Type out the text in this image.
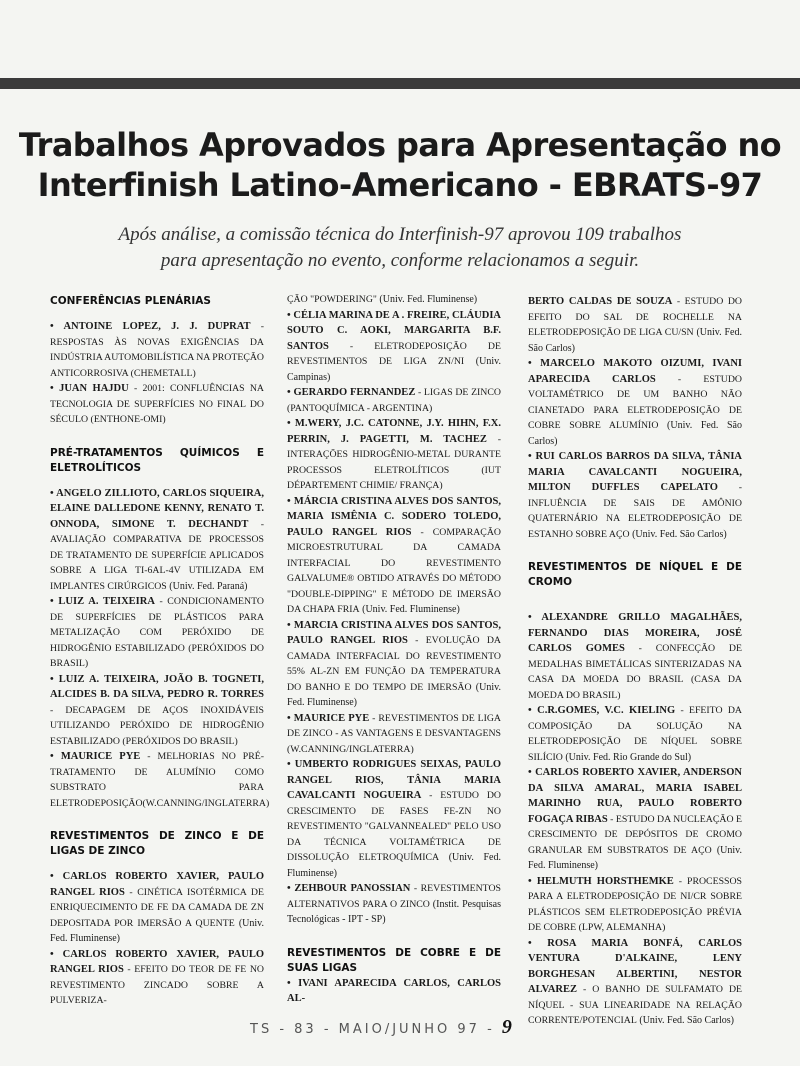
Trabalhos Aprovados para Apresentação no
Interfinish Latino-Americano - EBRATS-97

Após análise, a comissão técnica do Interfinish-97 aprovou 109 trabalhos
para apresentação no evento, conforme relacionamos a seguir.

CONFERÊNCIAS PLENÁRIAS

• ANTOINE LOPEZ, J. J. DUPRAT - RESPOSTAS ÀS NOVAS EXIGÊNCIAS DA INDÚSTRIA AUTOMOBILÍSTICA NA PROTEÇÃO ANTICORROSIVA (CHEMETALL)

• JUAN HAJDU - 2001: CONFLUÊNCIAS NA TECNOLOGIA DE SUPERFÍCIES NO FINAL DO SÉCULO (ENTHONE-OMI)

PRÉ-TRATAMENTOS QUÍMICOS E ELETROLÍTICOS

• ANGELO ZILLIOTO, CARLOS SIQUEIRA, ELAINE DALLEDONE KENNY, RENATO T. ONNODA, SIMONE T. DECHANDT - AVALIAÇÃO COMPARATIVA DE PROCESSOS DE TRATAMENTO DE SUPERFÍCIE APLICADOS SOBRE A LIGA TI-6AL-4V UTILIZADA EM IMPLANTES CIRÚRGICOS (Univ. Fed. Paraná)

• LUIZ A. TEIXEIRA - CONDICIONAMENTO DE SUPERFÍCIES DE PLÁSTICOS PARA METALIZAÇÃO COM PERÓXIDO DE HIDROGÊNIO ESTABILIZADO (PERÓXIDOS DO BRASIL)

• LUIZ A. TEIXEIRA, JOÃO B. TOGNETI, ALCIDES B. DA SILVA, PEDRO R. TORRES - DECAPAGEM DE AÇOS INOXIDÁVEIS UTILIZANDO PERÓXIDO DE HIDROGÊNIO ESTABILIZADO (PERÓXIDOS DO BRASIL)

• MAURICE PYE - MELHORIAS NO PRÉ-TRATAMENTO DE ALUMÍNIO COMO SUBSTRATO PARA ELETRODEPOSIÇÃO(W.CANNING/INGLATERRA)

REVESTIMENTOS DE ZINCO E DE LIGAS DE ZINCO

• CARLOS ROBERTO XAVIER, PAULO RANGEL RIOS - CINÉTICA ISOTÉRMICA DE ENRIQUECIMENTO DE FE DA CAMADA DE ZN DEPOSITADA POR IMERSÃO A QUENTE (Univ. Fed. Fluminense)

• CARLOS ROBERTO XAVIER, PAULO RANGEL RIOS - EFEITO DO TEOR DE FE NO REVESTIMENTO ZINCADO SOBRE A PULVERIZA-

ÇÃO "POWDERING" (Univ. Fed. Fluminense)

• CÉLIA MARINA DE A . FREIRE, CLÁUDIA SOUTO C. AOKI, MARGARITA B.F. SANTOS - ELETRODEPOSIÇÃO DE REVESTIMENTOS DE LIGA ZN/NI (Univ. Campinas)

• GERARDO FERNANDEZ - LIGAS DE ZINCO (PANTOQUÍMICA - ARGENTINA)

• M.WERY, J.C. CATONNE, J.Y. HIHN, F.X. PERRIN, J. PAGETTI, M. TACHEZ - INTERAÇÕES HIDROGÊNIO-METAL DURANTE PROCESSOS ELETROLÍTICOS (IUT DÉPARTEMENT CHIMIE/ FRANÇA)

• MÁRCIA CRISTINA ALVES DOS SANTOS, MARIA ISMÊNIA C. SODERO TOLEDO, PAULO RANGEL RIOS - COMPARAÇÃO MICROESTRUTURAL DA CAMADA INTERFACIAL DO REVESTIMENTO GALVALUME® OBTIDO ATRAVÉS DO MÉTODO "DOUBLE-DIPPING" E MÉTODO DE IMERSÃO DA CHAPA FRIA (Univ. Fed. Fluminense)

• MARCIA CRISTINA ALVES DOS SANTOS, PAULO RANGEL RIOS - EVOLUÇÃO DA CAMADA INTERFACIAL DO REVESTIMENTO 55% AL-ZN EM FUNÇÃO DA TEMPERATURA DO BANHO E DO TEMPO DE IMERSÃO (Univ. Fed. Fluminense)

• MAURICE PYE - REVESTIMENTOS DE LIGA DE ZINCO - AS VANTAGENS E DESVANTAGENS (W.CANNING/INGLATERRA)

• UMBERTO RODRIGUES SEIXAS, PAULO RANGEL RIOS, TÂNIA MARIA CAVALCANTI NOGUEIRA - ESTUDO DO CRESCIMENTO DE FASES FE-ZN NO REVESTIMENTO "GALVANNEALED" PELO USO DA TÉCNICA VOLTAMÉTRICA DE DISSOLUÇÃO ELETROQUÍMICA (Univ. Fed. Fluminense)

• ZEHBOUR PANOSSIAN - REVESTIMENTOS ALTERNATIVOS PARA O ZINCO (Instit. Pesquisas Tecnológicas - IPT - SP)

REVESTIMENTOS DE COBRE E DE SUAS LIGAS

• IVANI APARECIDA CARLOS, CARLOS AL-

BERTO CALDAS DE SOUZA - ESTUDO DO EFEITO DO SAL DE ROCHELLE NA ELETRODEPOSIÇÃO DE LIGA CU/SN (Univ. Fed. São Carlos)

• MARCELO MAKOTO OIZUMI, IVANI APARECIDA CARLOS - ESTUDO VOLTAMÉTRICO DE UM BANHO NÃO CIANETADO PARA ELETRODEPOSIÇÃO DE COBRE SOBRE ALUMÍNIO (Univ. Fed. São Carlos)

• RUI CARLOS BARROS DA SILVA, TÂNIA MARIA CAVALCANTI NOGUEIRA, MILTON DUFFLES CAPELATO - INFLUÊNCIA DE SAIS DE AMÔNIO QUATERNÁRIO NA ELETRODEPOSIÇÃO DE ESTANHO SOBRE AÇO (Univ. Fed. São Carlos)

REVESTIMENTOS DE NÍQUEL E DE CROMO

• ALEXANDRE GRILLO MAGALHÃES, FERNANDO DIAS MOREIRA, JOSÉ CARLOS GOMES - CONFECÇÃO DE MEDALHAS BIMETÁLICAS SINTERIZADAS NA CASA DA MOEDA DO BRASIL (CASA DA MOEDA DO BRASIL)

• C.R.GOMES, V.C. KIELING - EFEITO DA COMPOSIÇÃO DA SOLUÇÃO NA ELETRODEPOSIÇÃO DE NÍQUEL SOBRE SILÍCIO (Univ. Fed. Rio Grande do Sul)

• CARLOS ROBERTO XAVIER, ANDERSON DA SILVA AMARAL, MARIA ISABEL MARINHO RUA, PAULO ROBERTO FOGAÇA RIBAS - ESTUDO DA NUCLEAÇÃO E CRESCIMENTO DE DEPÓSITOS DE CROMO GRANULAR EM SUBSTRATOS DE AÇO (Univ. Fed. Fluminense)

• HELMUTH HORSTHEMKE - PROCESSOS PARA A ELETRODEPOSIÇÃO DE NI/CR SOBRE PLÁSTICOS SEM ELETRODEPOSIÇÃO PRÉVIA DE COBRE (LPW, ALEMANHA)

• ROSA MARIA BONFÁ, CARLOS VENTURA D'ALKAINE, LENY BORGHESAN ALBERTINI, NESTOR ALVAREZ - O BANHO DE SULFAMATO DE NÍQUEL - SUA LINEARIDADE NA RELAÇÃO CORRENTE/POTENCIAL (Univ. Fed. São Carlos)

TS - 83 - MAIO/JUNHO 97 - 9
